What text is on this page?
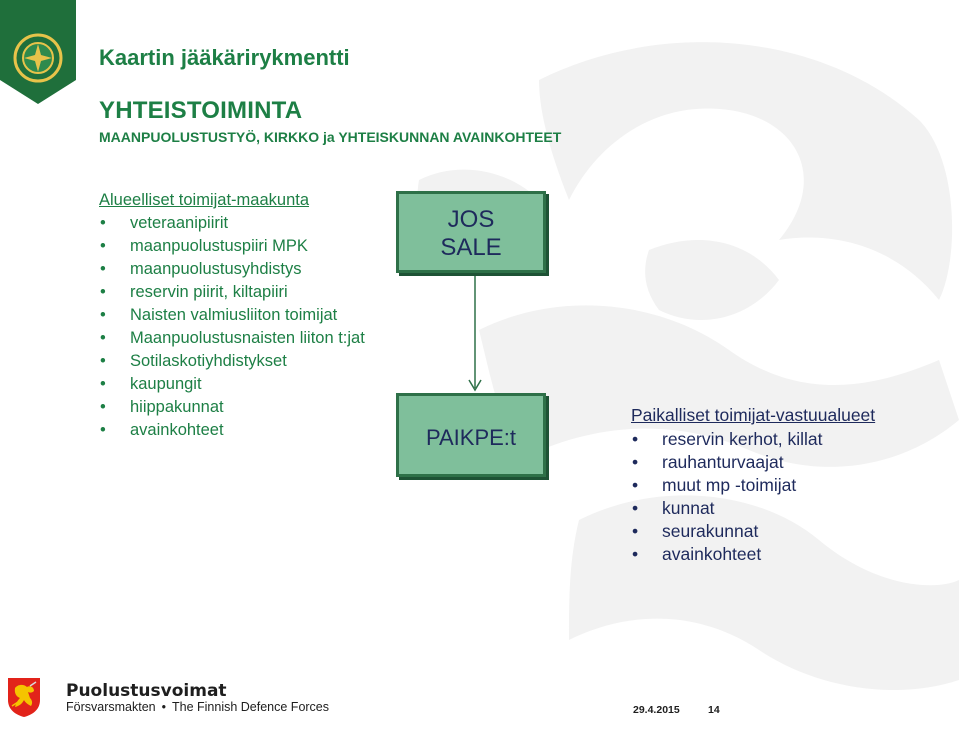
Kaartin jääkärirykmentti
YHTEISTOIMINTA

MAANPUOLUSTUSTYÖ, KIRKKO ja YHTEISKUNNAN AVAINKOHTEET

Alueelliset toimijat-maakunta

• veteraanipiirit
• maanpuolustuspiiri MPK
• maanpuolustusyhdistys
• reservin piirit, kiltapiiri
• Naisten valmiusliiton toimijat
• Maanpuolustusnaisten liiton t:jat
• Sotilaskotiyhdistykset
• kaupungit
• hiippakunnat
• avainkohteet
JOS
SALE
PAIKPE:t

Paikalliset toimijat-vastuualueet

• reservin kerhot, killat
• rauhanturvaajat
• muut mp -toimijat
• kunnat
• seurakunnat
• avainkohteet
Puolustusvoimat
Försvarsmakten • The Finnish Defence Forces	29.4.2015	14
